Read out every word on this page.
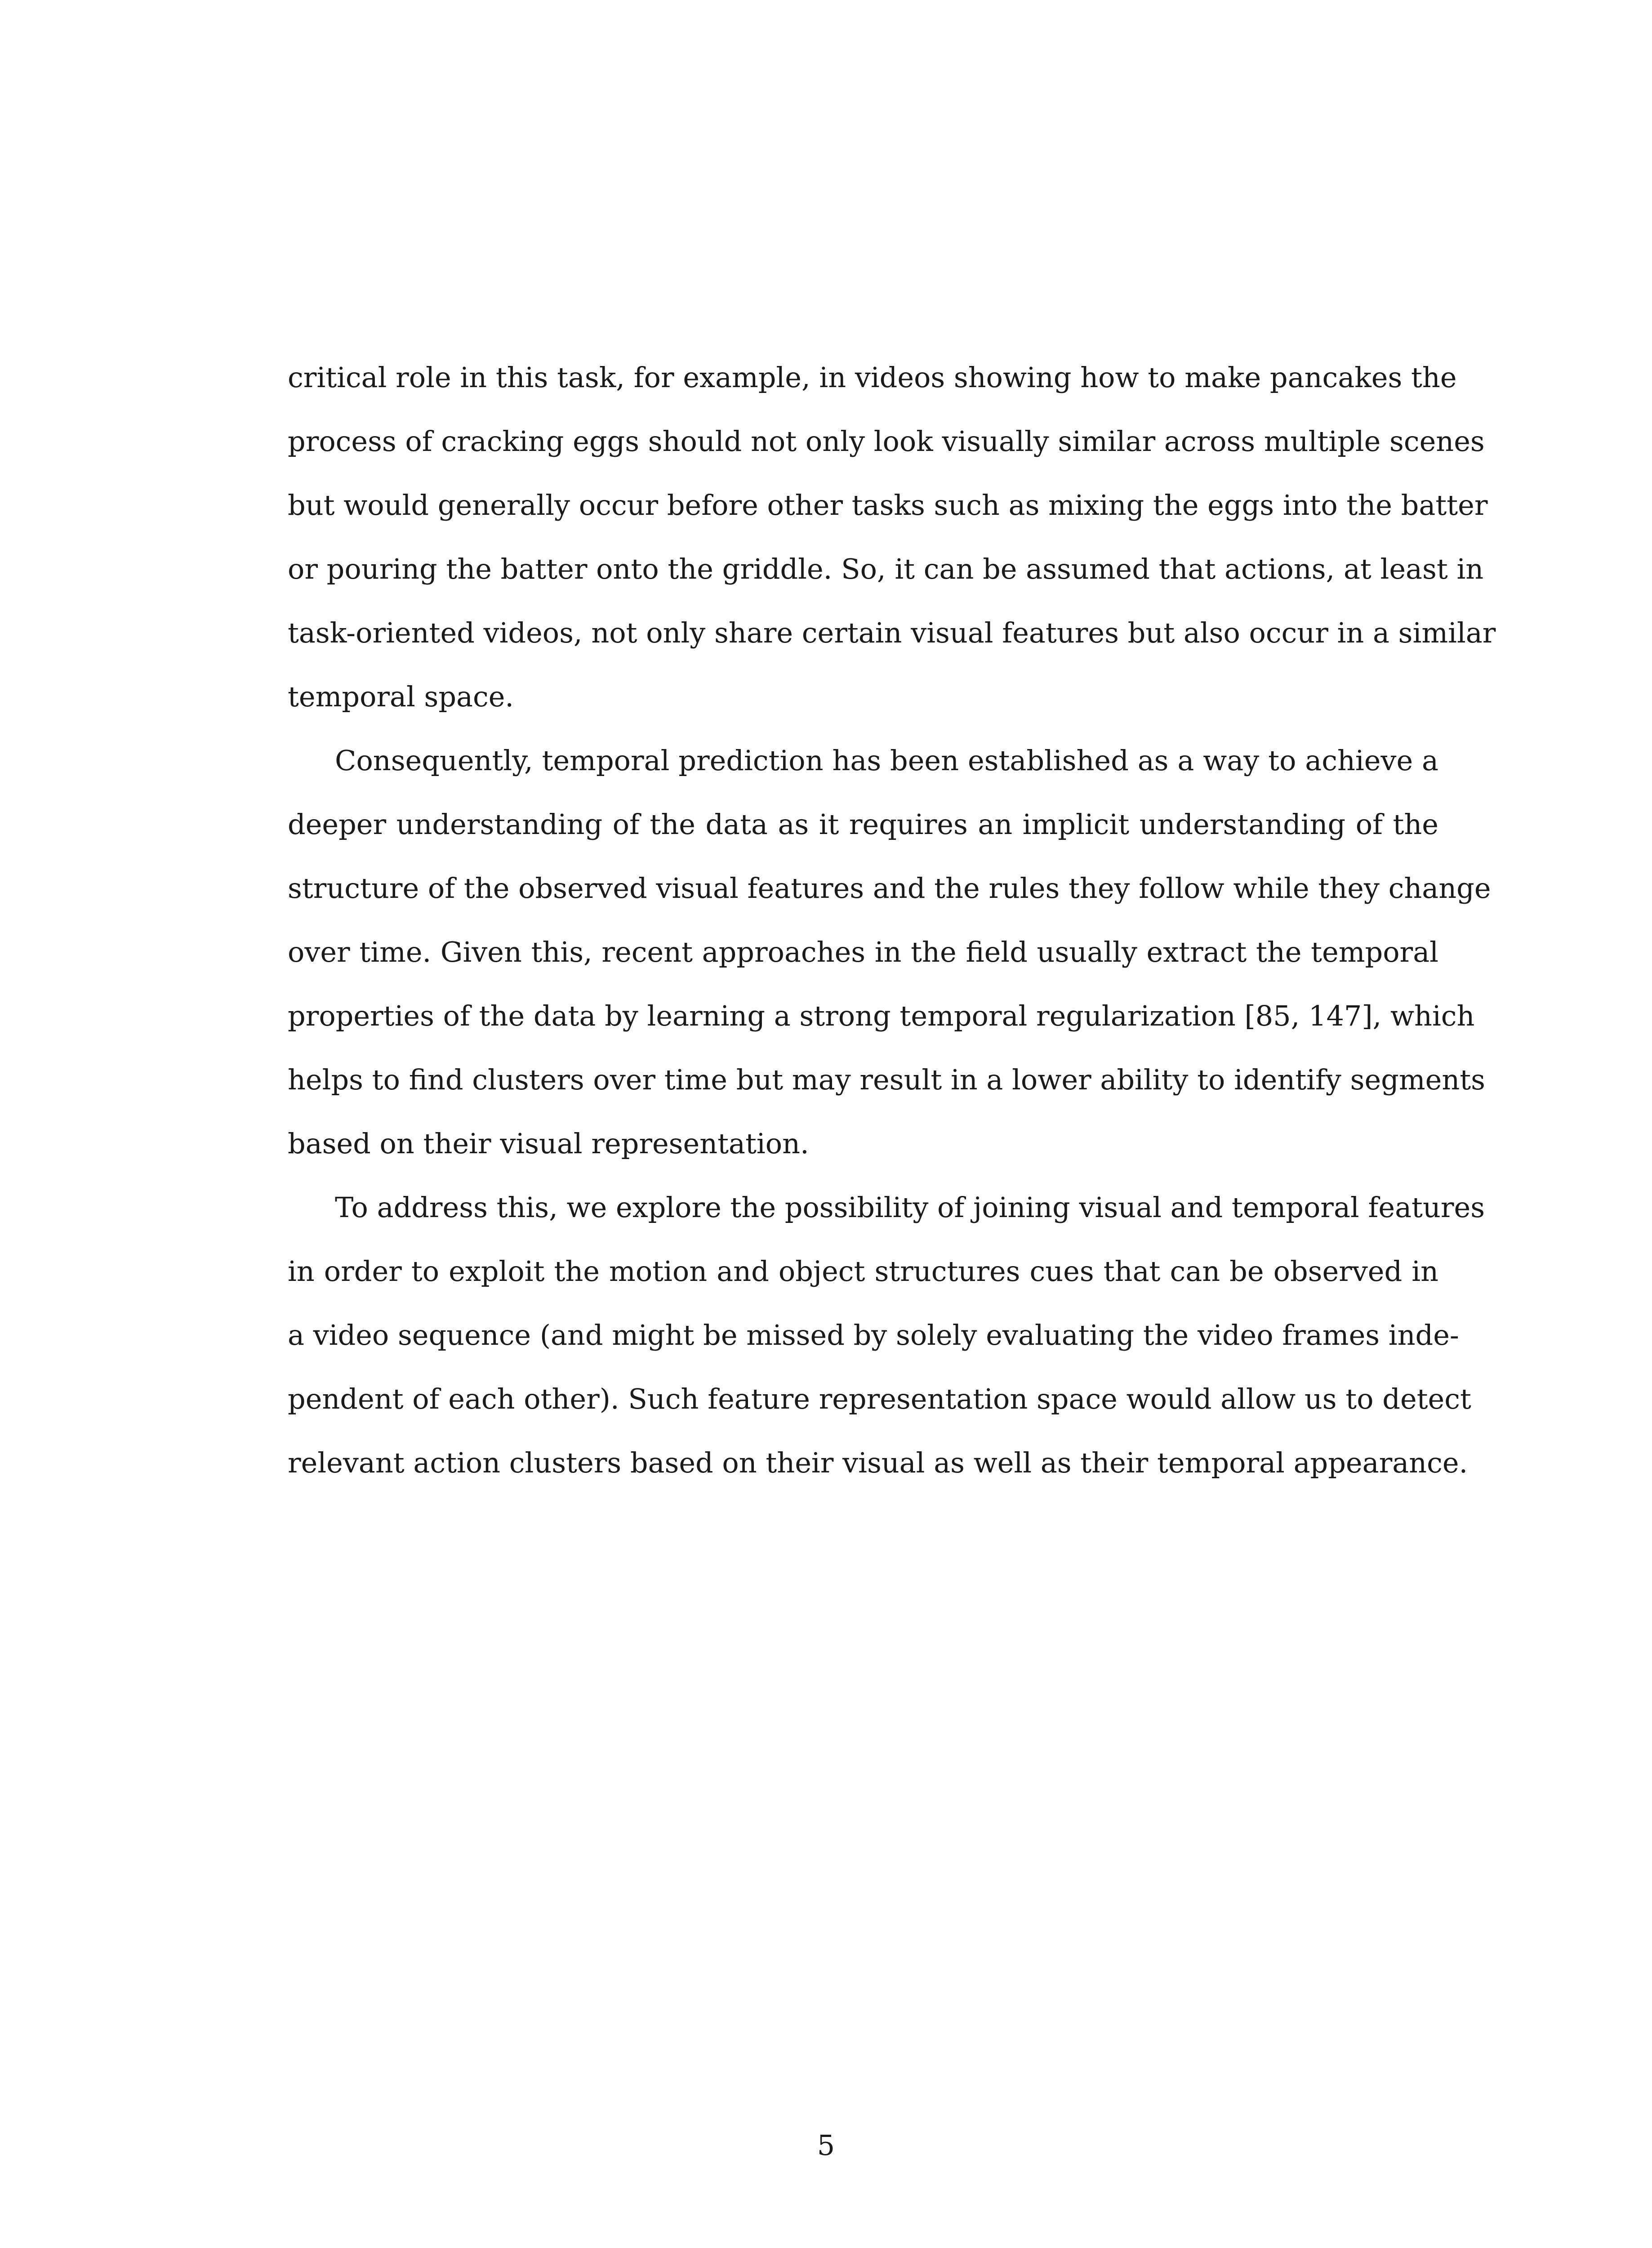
critical role in this task, for example, in videos showing how to make pancakes the
process of cracking eggs should not only look visually similar across multiple scenes
but would generally occur before other tasks such as mixing the eggs into the batter
or pouring the batter onto the griddle. So, it can be assumed that actions, at least in
task-oriented videos, not only share certain visual features but also occur in a similar
temporal space.
Consequently, temporal prediction has been established as a way to achieve a
deeper understanding of the data as it requires an implicit understanding of the
structure of the observed visual features and the rules they follow while they change
over time. Given this, recent approaches in the field usually extract the temporal
properties of the data by learning a strong temporal regularization [85, 147], which
helps to find clusters over time but may result in a lower ability to identify segments
based on their visual representation.
To address this, we explore the possibility of joining visual and temporal features
in order to exploit the motion and object structures cues that can be observed in
a video sequence (and might be missed by solely evaluating the video frames inde-
pendent of each other). Such feature representation space would allow us to detect
relevant action clusters based on their visual as well as their temporal appearance.
5
